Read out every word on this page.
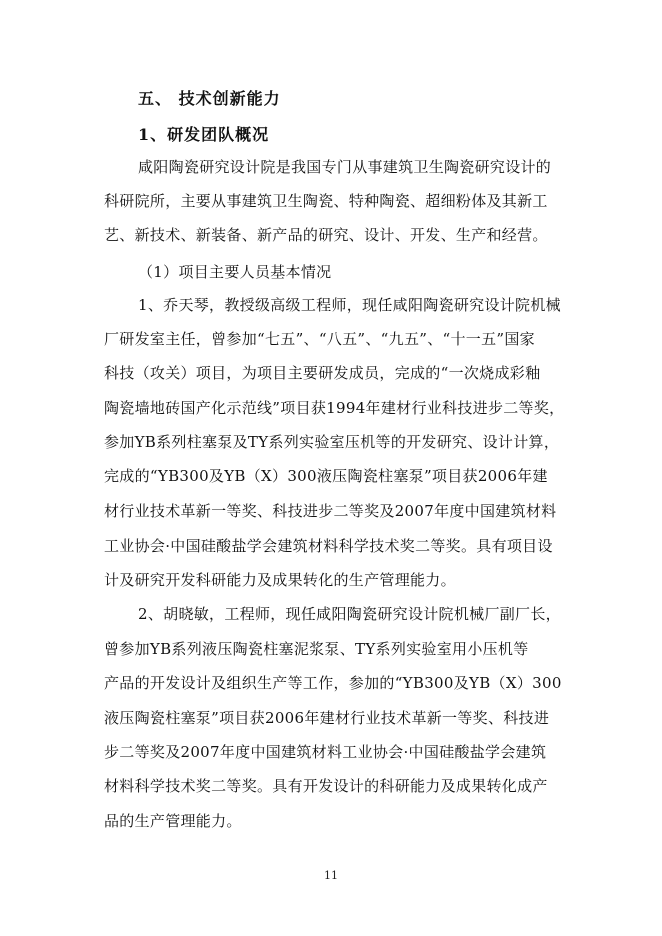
五、 技术创新能力
1、研发团队概况
咸阳陶瓷研究设计院是我国专门从事建筑卫生陶瓷研究设计的
科研院所，主要从事建筑卫生陶瓷、特种陶瓷、超细粉体及其新工
艺、新技术、新装备、新产品的研究、设计、开发、生产和经营。
（1）项目主要人员基本情况
1、乔天琴，教授级高级工程师，现任咸阳陶瓷研究设计院机械
厂研发室主任，曾参加“七五”、“八五”、“九五”、“十一五”国家
科技（攻关）项目，为项目主要研发成员，完成的“一次烧成彩釉
陶瓷墙地砖国产化示范线”项目获1994年建材行业科技进步二等奖，
参加YB系列柱塞泵及TY系列实验室压机等的开发研究、设计计算，
完成的“YB300及YB（X）300液压陶瓷柱塞泵”项目获2006年建
材行业技术革新一等奖、科技进步二等奖及2007年度中国建筑材料
工业协会·中国硅酸盐学会建筑材料科学技术奖二等奖。具有项目设
计及研究开发科研能力及成果转化的生产管理能力。
2、胡晓敏，工程师，现任咸阳陶瓷研究设计院机械厂副厂长，
曾参加YB系列液压陶瓷柱塞泥浆泵、TY系列实验室用小压机等
产品的开发设计及组织生产等工作，参加的“YB300及YB（X）300
液压陶瓷柱塞泵”项目获2006年建材行业技术革新一等奖、科技进
步二等奖及2007年度中国建筑材料工业协会·中国硅酸盐学会建筑
材料科学技术奖二等奖。具有开发设计的科研能力及成果转化成产
品的生产管理能力。
11
